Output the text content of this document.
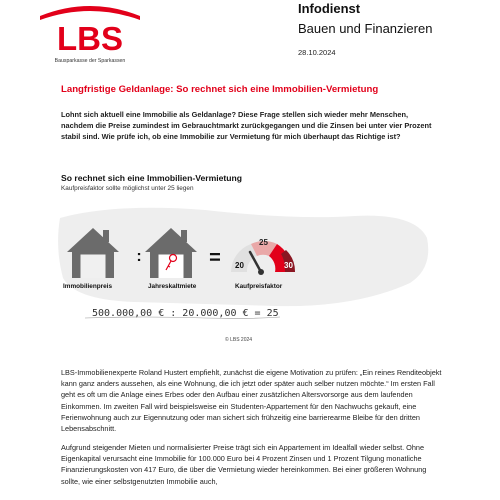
LBS
Bausparkasse der Sparkassen
Infodienst
Bauen und Finanzieren
28.10.2024
Langfristige Geldanlage: So rechnet sich eine Immobilien-Vermietung
Lohnt sich aktuell eine Immobilie als Geldanlage? Diese Frage stellen sich wieder mehr Menschen, nachdem die Preise zumindest im Gebrauchtmarkt zurückgegangen und die Zinsen bei unter vier Prozent stabil sind. Wie prüfe ich, ob eine Immobilie zur Vermietung für mich überhaupt das Richtige ist?
So rechnet sich eine Immobilien-Vermietung
Kaufpreisfaktor sollte möglichst unter 25 liegen
:	= 20
25
30
Immobilienpreis	Jahreskaltmiete	Kaufpreisfaktor
500.000,00 € : 20.000,00 € = 25
© LBS 2024
LBS-Immobilienexperte Roland Hustert empfiehlt, zunächst die eigene Motivation zu prüfen: „Ein reines Renditeobjekt kann ganz anders aussehen, als eine Wohnung, die ich jetzt oder später auch selber nutzen möchte.“ Im ersten Fall geht es oft um die Anlage eines Erbes oder den Aufbau einer zusätzlichen Altersvorsorge aus dem laufenden Einkommen. Im zweiten Fall wird beispielsweise ein Studenten-Appartement für den Nachwuchs gekauft, eine Ferienwohnung auch zur Eigennutzung oder man sichert sich frühzeitig eine barrierearme Bleibe für den dritten Lebensabschnitt.
Aufgrund steigender Mieten und normalisierter Preise trägt sich ein Appartement im Idealfall wieder selbst. Ohne Eigenkapital verursacht eine Immobilie für 100.000 Euro bei 4 Prozent Zinsen und 1 Prozent Tilgung monatliche Finanzierungskosten von 417 Euro, die über die Vermietung wieder hereinkommen. Bei einer größeren Wohnung sollte, wie einer selbstgenutzten Immobilie auch,
